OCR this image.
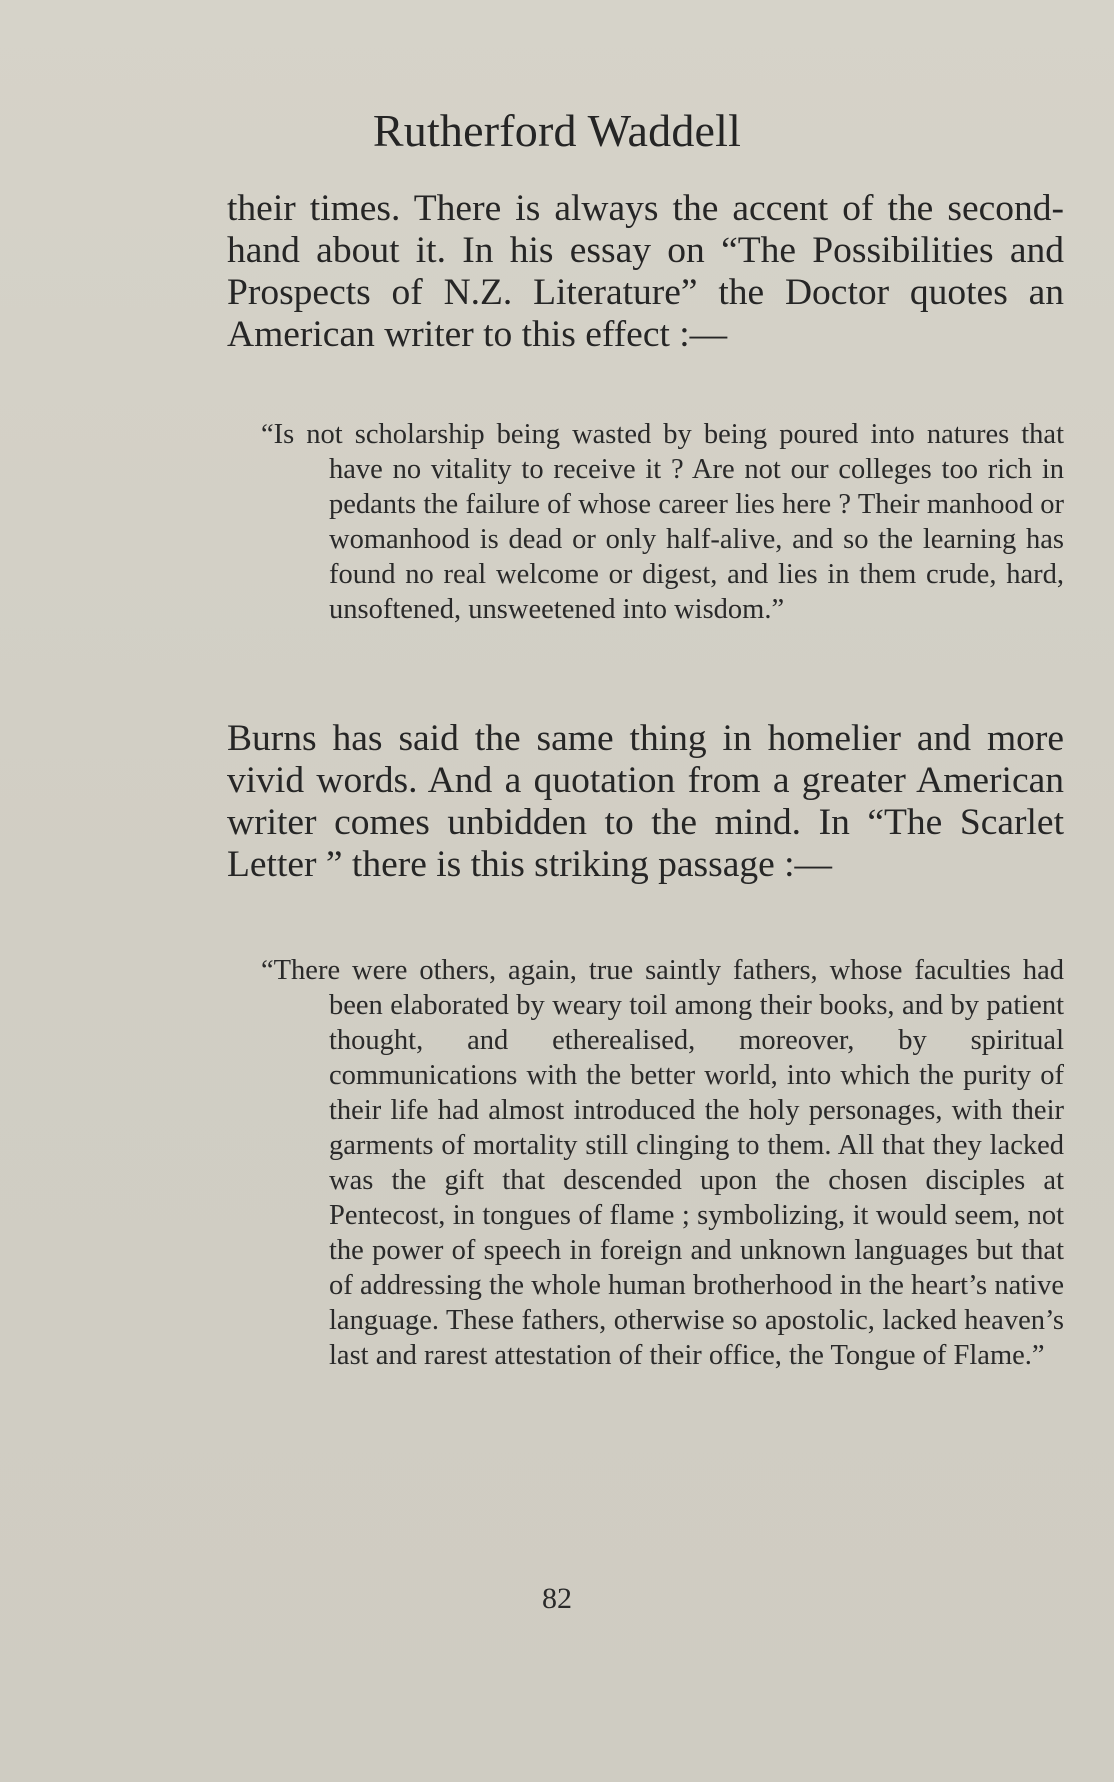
Rutherford Waddell

their times. There is always the accent of the second-hand about it. In his essay on “The Possibilities and Prospects of N.Z. Literature” the Doctor quotes an American writer to this effect :—

“Is not scholarship being wasted by being poured into natures that have no vitality to receive it ? Are not our colleges too rich in pedants the failure of whose career lies here ? Their manhood or womanhood is dead or only half-alive, and so the learning has found no real welcome or digest, and lies in them crude, hard, unsoftened, unsweetened into wisdom.”

Burns has said the same thing in homelier and more vivid words. And a quotation from a greater American writer comes unbidden to the mind. In “The Scarlet Letter ” there is this striking passage :—

“There were others, again, true saintly fathers, whose faculties had been elaborated by weary toil among their books, and by patient thought, and etherealised, moreover, by spiritual communications with the better world, into which the purity of their life had almost introduced the holy personages, with their garments of mortality still clinging to them. All that they lacked was the gift that descended upon the chosen disciples at Pentecost, in tongues of flame ; symbolizing, it would seem, not the power of speech in foreign and unknown languages but that of addressing the whole human brotherhood in the heart’s native language. These fathers, otherwise so apostolic, lacked heaven’s last and rarest attestation of their office, the Tongue of Flame.”

82
